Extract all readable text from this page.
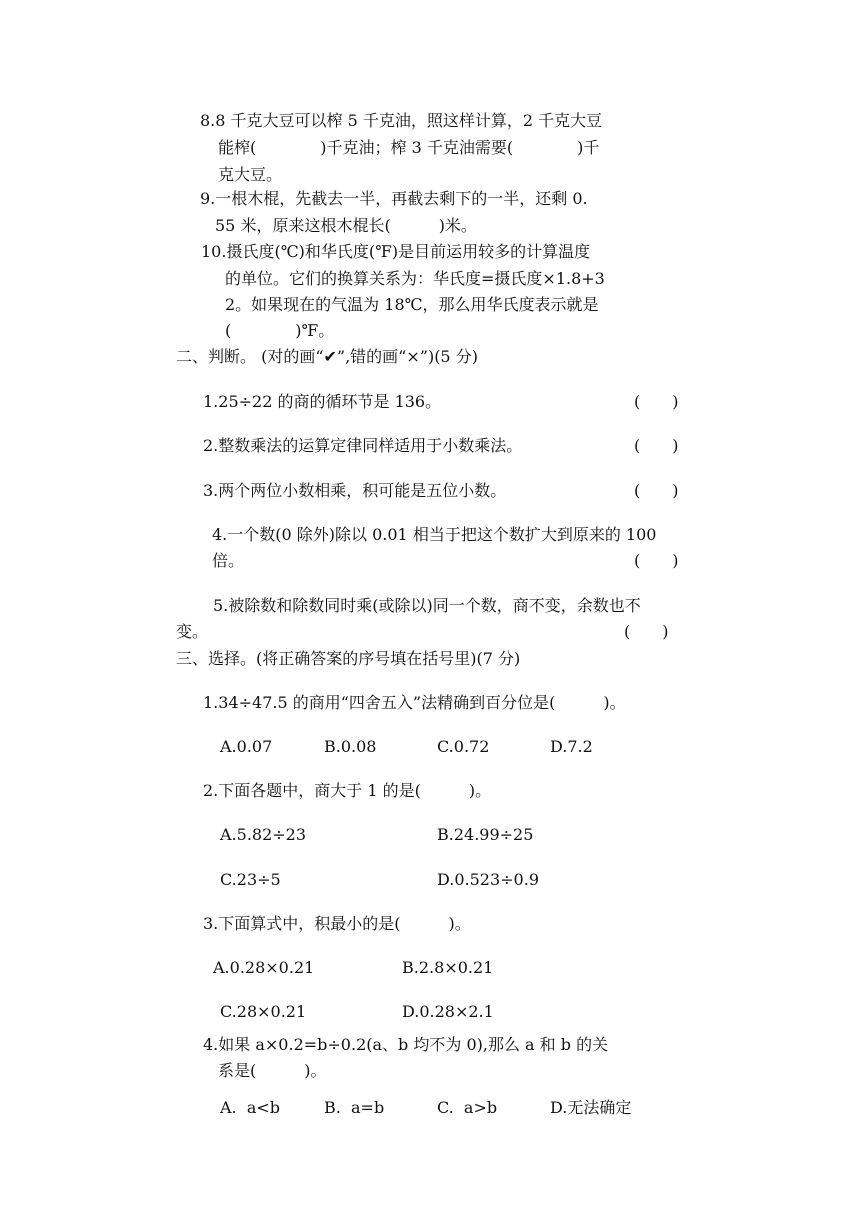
8.8 千克大豆可以榨 5 千克油，照这样计算，2 千克大豆
能榨(　　　　)千克油；榨 3 千克油需要(　　　　)千
克大豆。
9.一根木棍，先截去一半，再截去剩下的一半，还剩 0.
55 米，原来这根木棍长(　　　)米。
10.摄氏度(℃)和华氏度(℉)是目前运用较多的计算温度
的单位。它们的换算关系为：华氏度=摄氏度×1.8+3
2。如果现在的气温为 18℃，那么用华氏度表示就是
(　　　　)℉。
二、判断。 (对的画“✔”,错的画“×”)(5 分)
1.25÷22 的商的循环节是 136。	(　　)
2.整数乘法的运算定律同样适用于小数乘法。	(　　)
3.两个两位小数相乘，积可能是五位小数。	(　　)
4.一个数(0 除外)除以 0.01 相当于把这个数扩大到原来的 100
倍。	(　　)
5.被除数和除数同时乘(或除以)同一个数，商不变，余数也不
变。	(　　)
三、选择。(将正确答案的序号填在括号里)(7 分)
1.34÷47.5 的商用“四舍五入”法精确到百分位是(　　　)。
A.0.07	B.0.08	C.0.72	D.7.2
2.下面各题中，商大于 1 的是(　　　)。
A.5.82÷23	B.24.99÷25
C.23÷5	D.0.523÷0.9
3.下面算式中，积最小的是(　　　)。
A.0.28×0.21	B.2.8×0.21
C.28×0.21	D.0.28×2.1
4.如果 a×0.2=b÷0.2(a、b 均不为 0),那么 a 和 b 的关
系是(　　　)。
A.  a<b	B.  a=b	C.  a>b	D.无法确定
